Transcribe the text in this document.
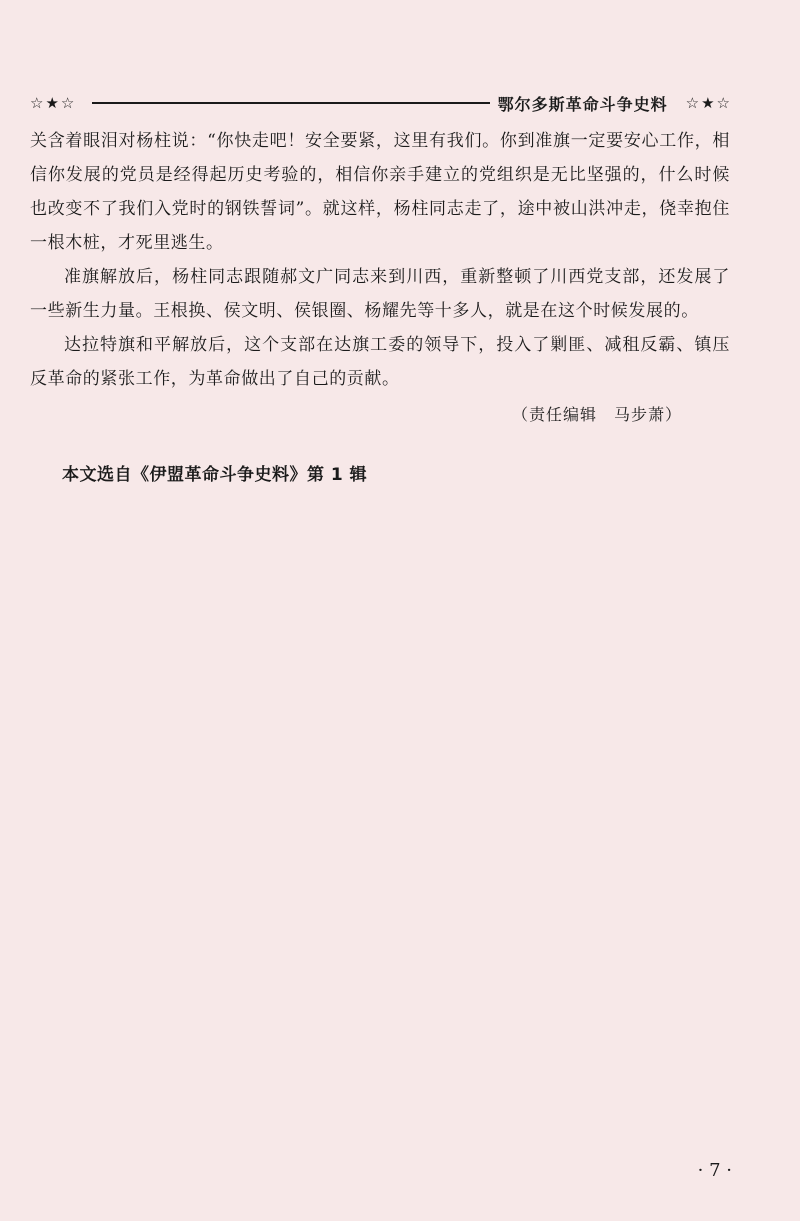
☆★☆	鄂尔多斯革命斗争史料 ☆★☆

关含着眼泪对杨柱说：“你快走吧！安全要紧，这里有我们。你到准旗一定要安心工作，相信你发展的党员是经得起历史考验的，相信你亲手建立的党组织是无比坚强的，什么时候也改变不了我们入党时的钢铁誓词”。就这样，杨柱同志走了，途中被山洪冲走，侥幸抱住一根木桩，才死里逃生。

准旗解放后，杨柱同志跟随郝文广同志来到川西，重新整顿了川西党支部，还发展了一些新生力量。王根换、侯文明、侯银圈、杨耀先等十多人，就是在这个时候发展的。

达拉特旗和平解放后，这个支部在达旗工委的领导下，投入了剿匪、减租反霸、镇压反革命的紧张工作，为革命做出了自己的贡献。

（责任编辑　马步萧）
本文选自《伊盟革命斗争史料》第 1 辑
· 7 ·
